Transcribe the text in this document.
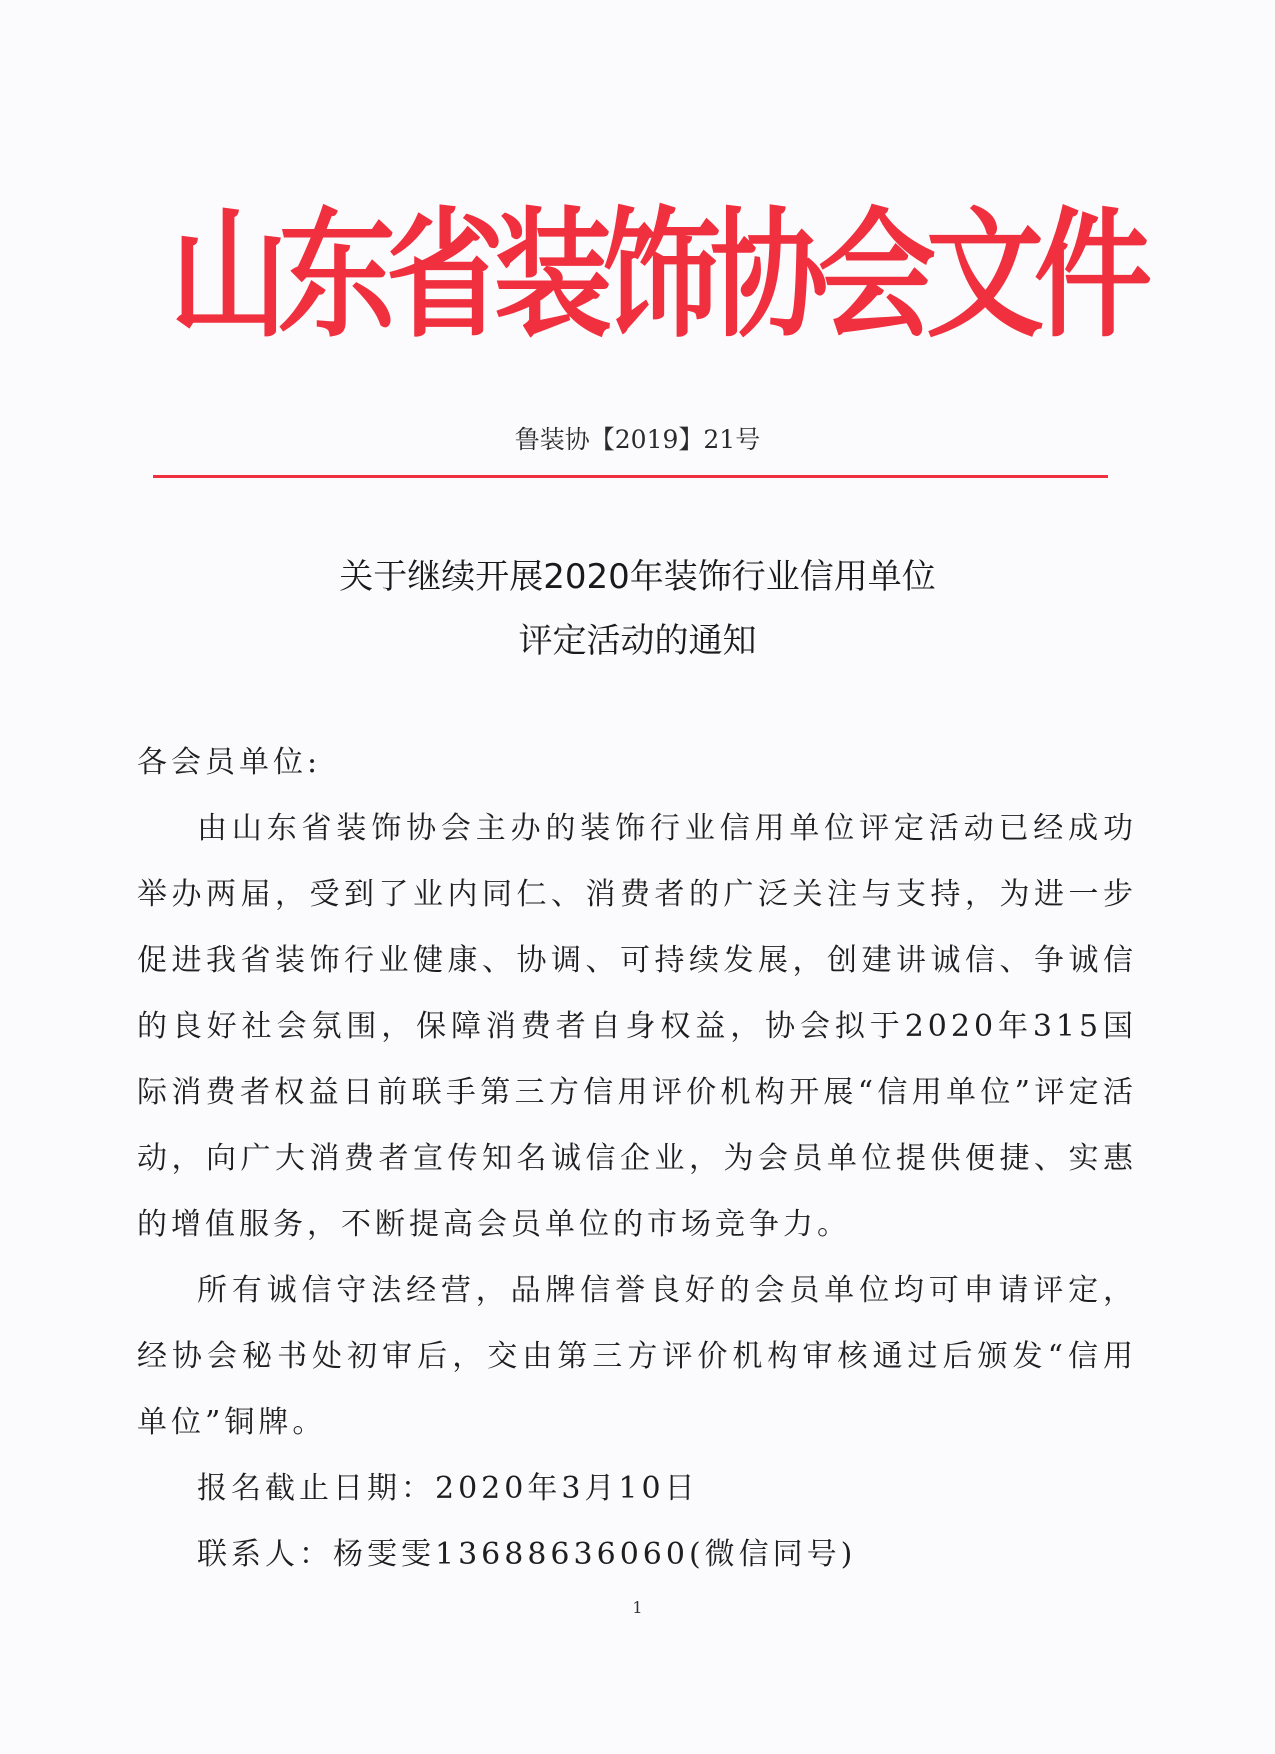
山东省装饰协会文件
鲁装协【2019】21号
关于继续开展2020年装饰行业信用单位
评定活动的通知

各会员单位:

由山东省装饰协会主办的装饰行业信用单位评定活动已经成功举办两届，受到了业内同仁、消费者的广泛关注与支持，为进一步促进我省装饰行业健康、协调、可持续发展，创建讲诚信、争诚信的良好社会氛围，保障消费者自身权益，协会拟于2020年315国际消费者权益日前联手第三方信用评价机构开展“信用单位”评定活动，向广大消费者宣传知名诚信企业，为会员单位提供便捷、实惠的增值服务，不断提高会员单位的市场竞争力。

所有诚信守法经营，品牌信誉良好的会员单位均可申请评定，经协会秘书处初审后，交由第三方评价机构审核通过后颁发“信用单位”铜牌。

报名截止日期：2020年3月10日

联系人：杨雯雯13688636060(微信同号)

1
